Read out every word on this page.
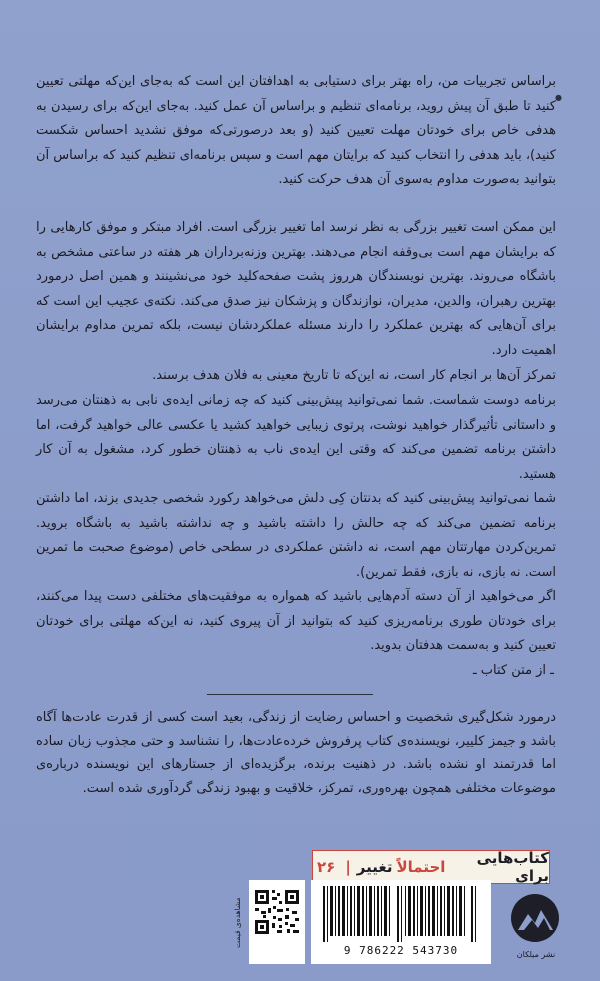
●

براساس تجربیات من، راه بهتر برای دستیابی به اهدافتان این است که به‌جای این‌که مهلتی تعیین کنید تا طبق آن پیش روید، برنامه‌ای تنظیم و براساس آن عمل کنید. به‌جای این‌که برای رسیدن به هدفی خاص برای خودتان مهلت تعیین کنید (و بعد درصورتی‌که موفق نشدید احساس شکست کنید)، باید هدفی را انتخاب کنید که برایتان مهم است و سپس برنامه‌ای تنظیم کنید که براساس آن بتوانید به‌صورت مداوم به‌سوی آن هدف حرکت کنید.

این ممکن است تغییر بزرگی به نظر نرسد اما تغییر بزرگی است. افراد مبتکر و موفق کارهایی را که برایشان مهم است بی‌وقفه انجام می‌دهند. بهترین وزنه‌برداران هر هفته در ساعتی مشخص به باشگاه می‌روند. بهترین نویسندگان هرروز پشت صفحه‌کلید خود می‌نشینند و همین اصل درمورد بهترین رهبران، والدین، مدیران، نوازندگان و پزشکان نیز صدق می‌کند. نکته‌ی عجیب این است که برای آن‌هایی که بهترین عملکرد را دارند مسئله عملکردشان نیست، بلکه تمرین مداوم برایشان اهمیت دارد.

تمرکز آن‌ها بر انجام کار است، نه این‌که تا تاریخ معینی به فلان هدف برسند.

برنامه دوست شماست. شما نمی‌توانید پیش‌بینی کنید که چه زمانی ایده‌ی نابی به ذهنتان می‌رسد و داستانی تأثیرگذار خواهید نوشت، پرتوی زیبایی خواهید کشید یا عکسی عالی خواهید گرفت، اما داشتن برنامه تضمین می‌کند که وقتی این ایده‌ی ناب به ذهنتان خطور کرد، مشغول به آن کار هستید.

شما نمی‌توانید پیش‌بینی کنید که بدنتان کِی دلش می‌خواهد رکورد شخصی جدیدی بزند، اما داشتن برنامه تضمین می‌کند که چه حالش را داشته باشید و چه نداشته باشید به باشگاه بروید. تمرین‌کردن مهارتتان مهم است، نه داشتن عملکردی در سطحی خاص (موضوع صحبت ما تمرین است. نه بازی، نه بازی، فقط تمرین).

اگر می‌خواهید از آن دسته آدم‌هایی باشید که همواره به موفقیت‌های مختلفی دست پیدا می‌کنند، برای خودتان طوری برنامه‌ریزی کنید که بتوانید از آن پیروی کنید، نه این‌که مهلتی برای خودتان تعیین کنید و به‌سمت هدفتان بدوید.

ـ از متن کتاب ـ

درمورد شکل‌گیری شخصیت و احساس رضایت از زندگی، بعید است کسی از قدرت عادت‌ها آگاه باشد و جیمز کلییر، نویسنده‌ی کتاب پرفروش خرده‌عادت‌ها، را نشناسد و حتی مجذوب زبان ساده اما قدرتمند او نشده باشد. در ذهنیت برنده، برگزیده‌ای از جستارهای این نویسنده درباره‌ی موضوعات مختلفی همچون بهره‌وری، تمرکز، خلاقیت و بهبود زندگی گردآوری شده است.

کتاب‌هایی برای
احتمالاً
تغییر
|
۲۶
9 786222 543730
مشاهده‌ی قیمت
نشر میلکان
